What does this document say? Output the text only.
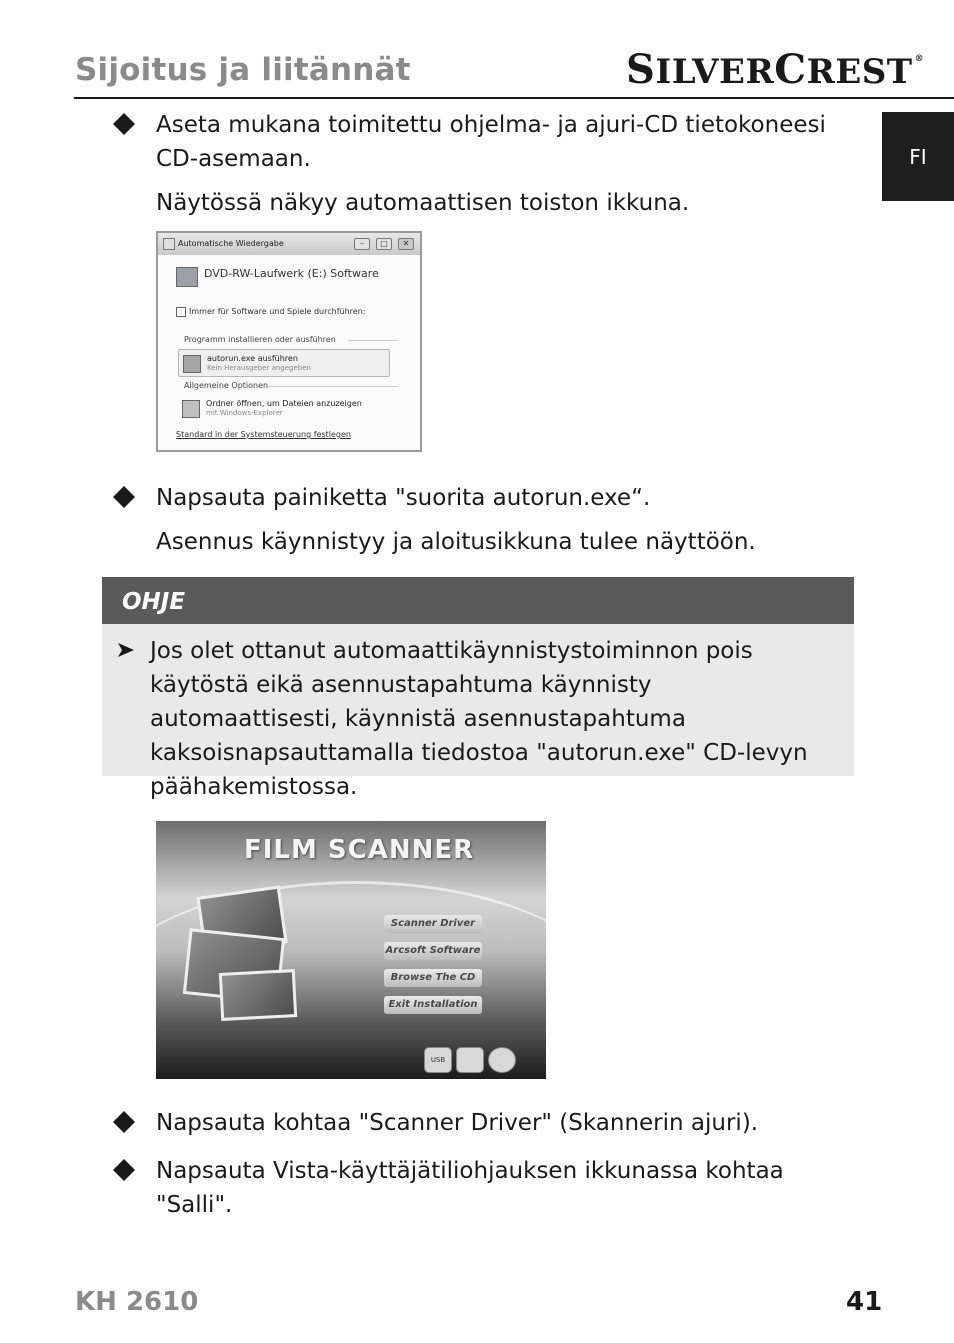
Sijoitus ja liitännät	SILVERCREST ®
FI
Aseta mukana toimitettu ohjelma- ja ajuri-CD tietokoneesi CD-asemaan.
Näytössä näkyy automaattisen toiston ikkuna.
Automatische Wiedergabe	–	□	✕
DVD-RW-Laufwerk (E:) Software
Immer für Software und Spiele durchführen:
Programm installieren oder ausführen
autorun.exe ausführen
Kein Herausgeber angegeben
Allgemeine Optionen
Ordner öffnen, um Dateien anzuzeigen
mit Windows-Explorer
Standard in der Systemsteuerung festlegen
Napsauta painiketta "suorita autorun.exe“.
Asennus käynnistyy ja aloitusikkuna tulee näyttöön.
OHJE
Jos olet ottanut automaattikäynnistystoiminnon pois käytöstä eikä asennustapahtuma käynnisty automaattisesti, käynnistä asennustapahtuma kaksoisnapsauttamalla tiedostoa "autorun.exe" CD-levyn päähakemistossa.
FILM SCANNER
Scanner Driver
Arcsoft Software
Browse The CD
Exit Installation
USB
Napsauta kohtaa "Scanner Driver" (Skannerin ajuri).
Napsauta Vista-käyttäjätiliohjauksen ikkunassa kohtaa "Salli".
KH 2610	41
